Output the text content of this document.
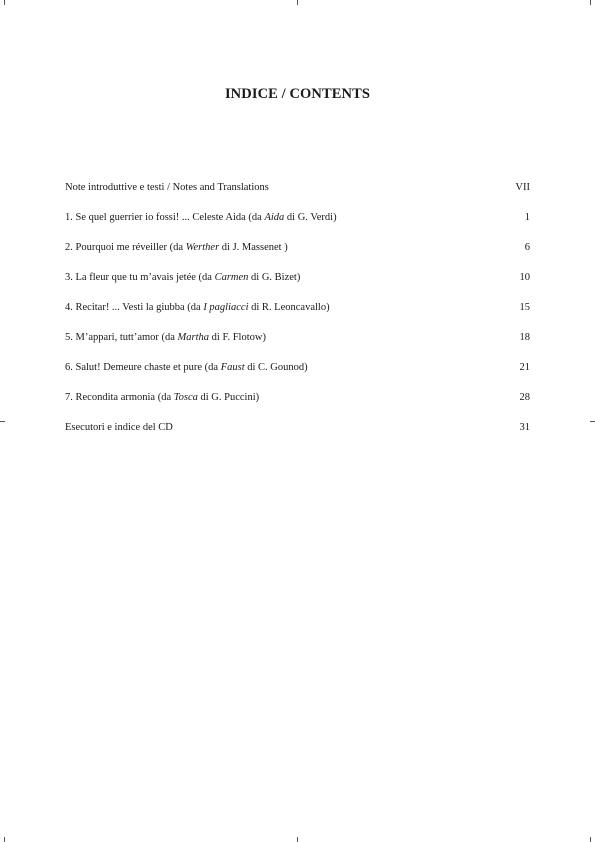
INDICE / CONTENTS
Note introduttive e testi / Notes and Translations	VII
1. Se quel guerrier io fossi! ... Celeste Aida (da Aida di G. Verdi)	1
2. Pourquoi me réveiller (da Werther di J. Massenet )	6
3. La fleur que tu m’avais jetée (da Carmen di G. Bizet)	10
4. Recitar! ... Vesti la giubba (da I pagliacci di R. Leoncavallo)	15
5. M’appari, tutt’amor (da Martha di F. Flotow)	18
6. Salut! Demeure chaste et pure (da Faust di C. Gounod)	21
7. Recondita armonia (da Tosca di G. Puccini)	28
Esecutori e indice del CD	31
